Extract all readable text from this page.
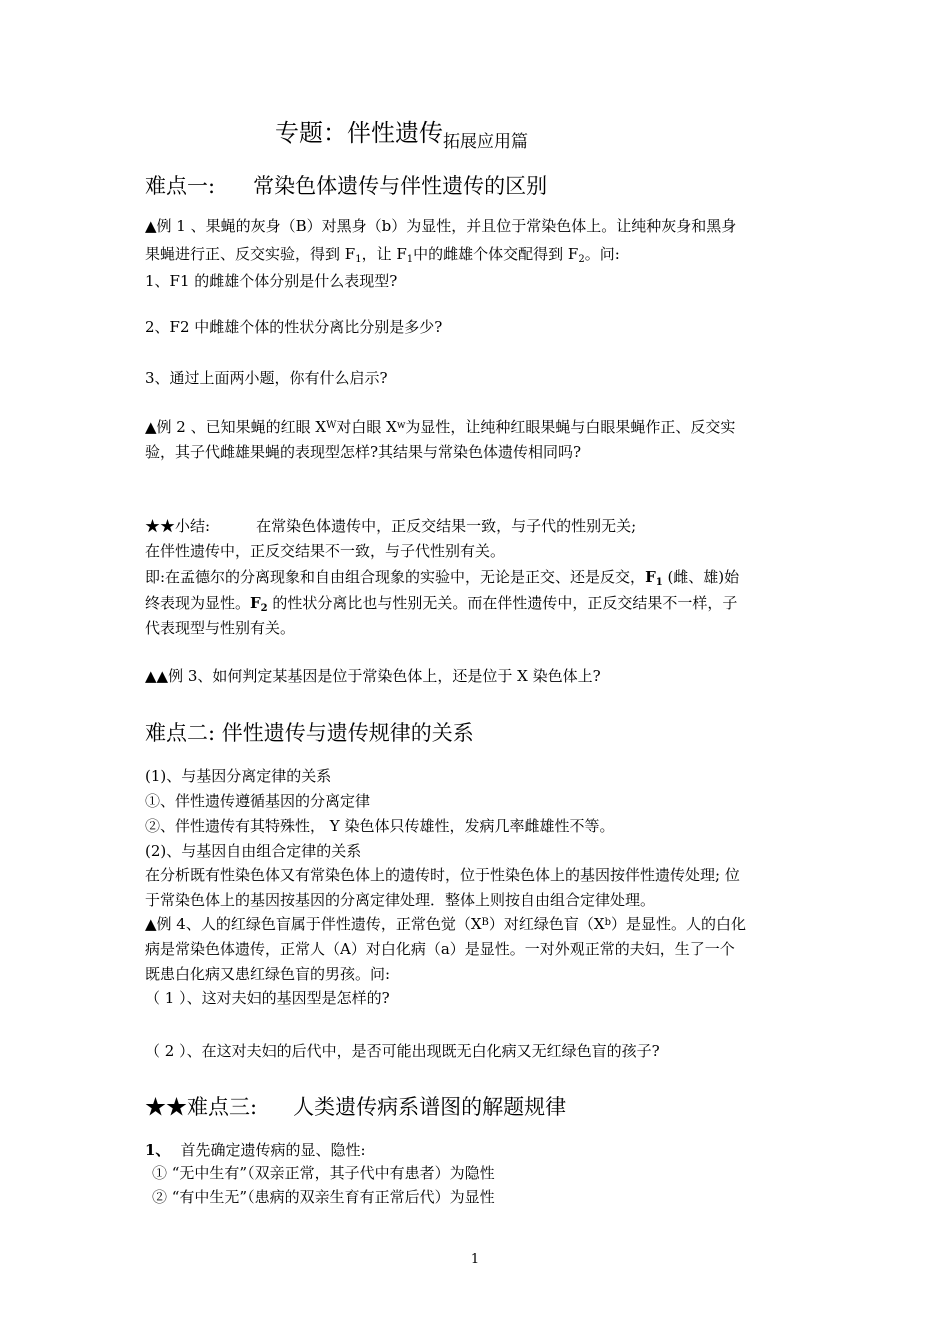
专题：伴性遗传$_{拓展应用篇}$
难点一: 常染色体遗传与伴性遗传的区别
▲例 1 、果蝇的灰身（B）对黑身（b）为显性，并且位于常染色体上。让纯种灰身和黑身
果蝇进行正、反交实验，得到 $F_1$，让 $F_1$中的雌雄个体交配得到 $F_2$。问:
1、F1 的雌雄个体分别是什么表现型?
2、F2 中雌雄个体的性状分离比分别是多少?
3、通过上面两小题，你有什么启示?
▲例 2 、已知果蝇的红眼 $X^W$对白眼 $X^w$为显性，让纯种红眼果蝇与白眼果蝇作正、反交实
验，其子代雌雄果蝇的表现型怎样?其结果与常染色体遗传相同吗?
★★小结:	在常染色体遗传中，正反交结果一致，与子代的性别无关;
在伴性遗传中，正反交结果不一致，与子代性别有关。
即:在孟德尔的分离现象和自由组合现象的实验中，无论是正交、还是反交，$F_1$ (雌、雄)始
终表现为显性。$F_2$ 的性状分离比也与性别无关。而在伴性遗传中，正反交结果不一样，子
代表现型与性别有关。
▲▲例 3、如何判定某基因是位于常染色体上，还是位于 X 染色体上?
难点二: 伴性遗传与遗传规律的关系
(1)、与基因分离定律的关系
➀、伴性遗传遵循基因的分离定律
➁、伴性遗传有其特殊性， Y 染色体只传雄性，发病几率雌雄性不等。
(2)、与基因自由组合定律的关系
在分析既有性染色体又有常染色体上的遗传时，位于性染色体上的基因按伴性遗传处理; 位
于常染色体上的基因按基因的分离定律处理．整体上则按自由组合定律处理。
▲例 4、人的红绿色盲属于伴性遗传，正常色觉$(X^B)$对红绿色盲$(X^b)$是显性。人的白化
病是常染色体遗传，正常人（A）对白化病（a）是显性。一对外观正常的夫妇，生了一个
既患白化病又患红绿色盲的男孩。问:
（ 1 ）、这对夫妇的基因型是怎样的?
（ 2 ）、在这对夫妇的后代中，是否可能出现既无白化病又无红绿色盲的孩子?
★★难点三: 人类遗传病系谱图的解题规律
1、 首先确定遗传病的显、隐性:
① “无中生有”（双亲正常，其子代中有患者）为隐性
② “有中生无”（患病的双亲生育有正常后代）为显性
1
